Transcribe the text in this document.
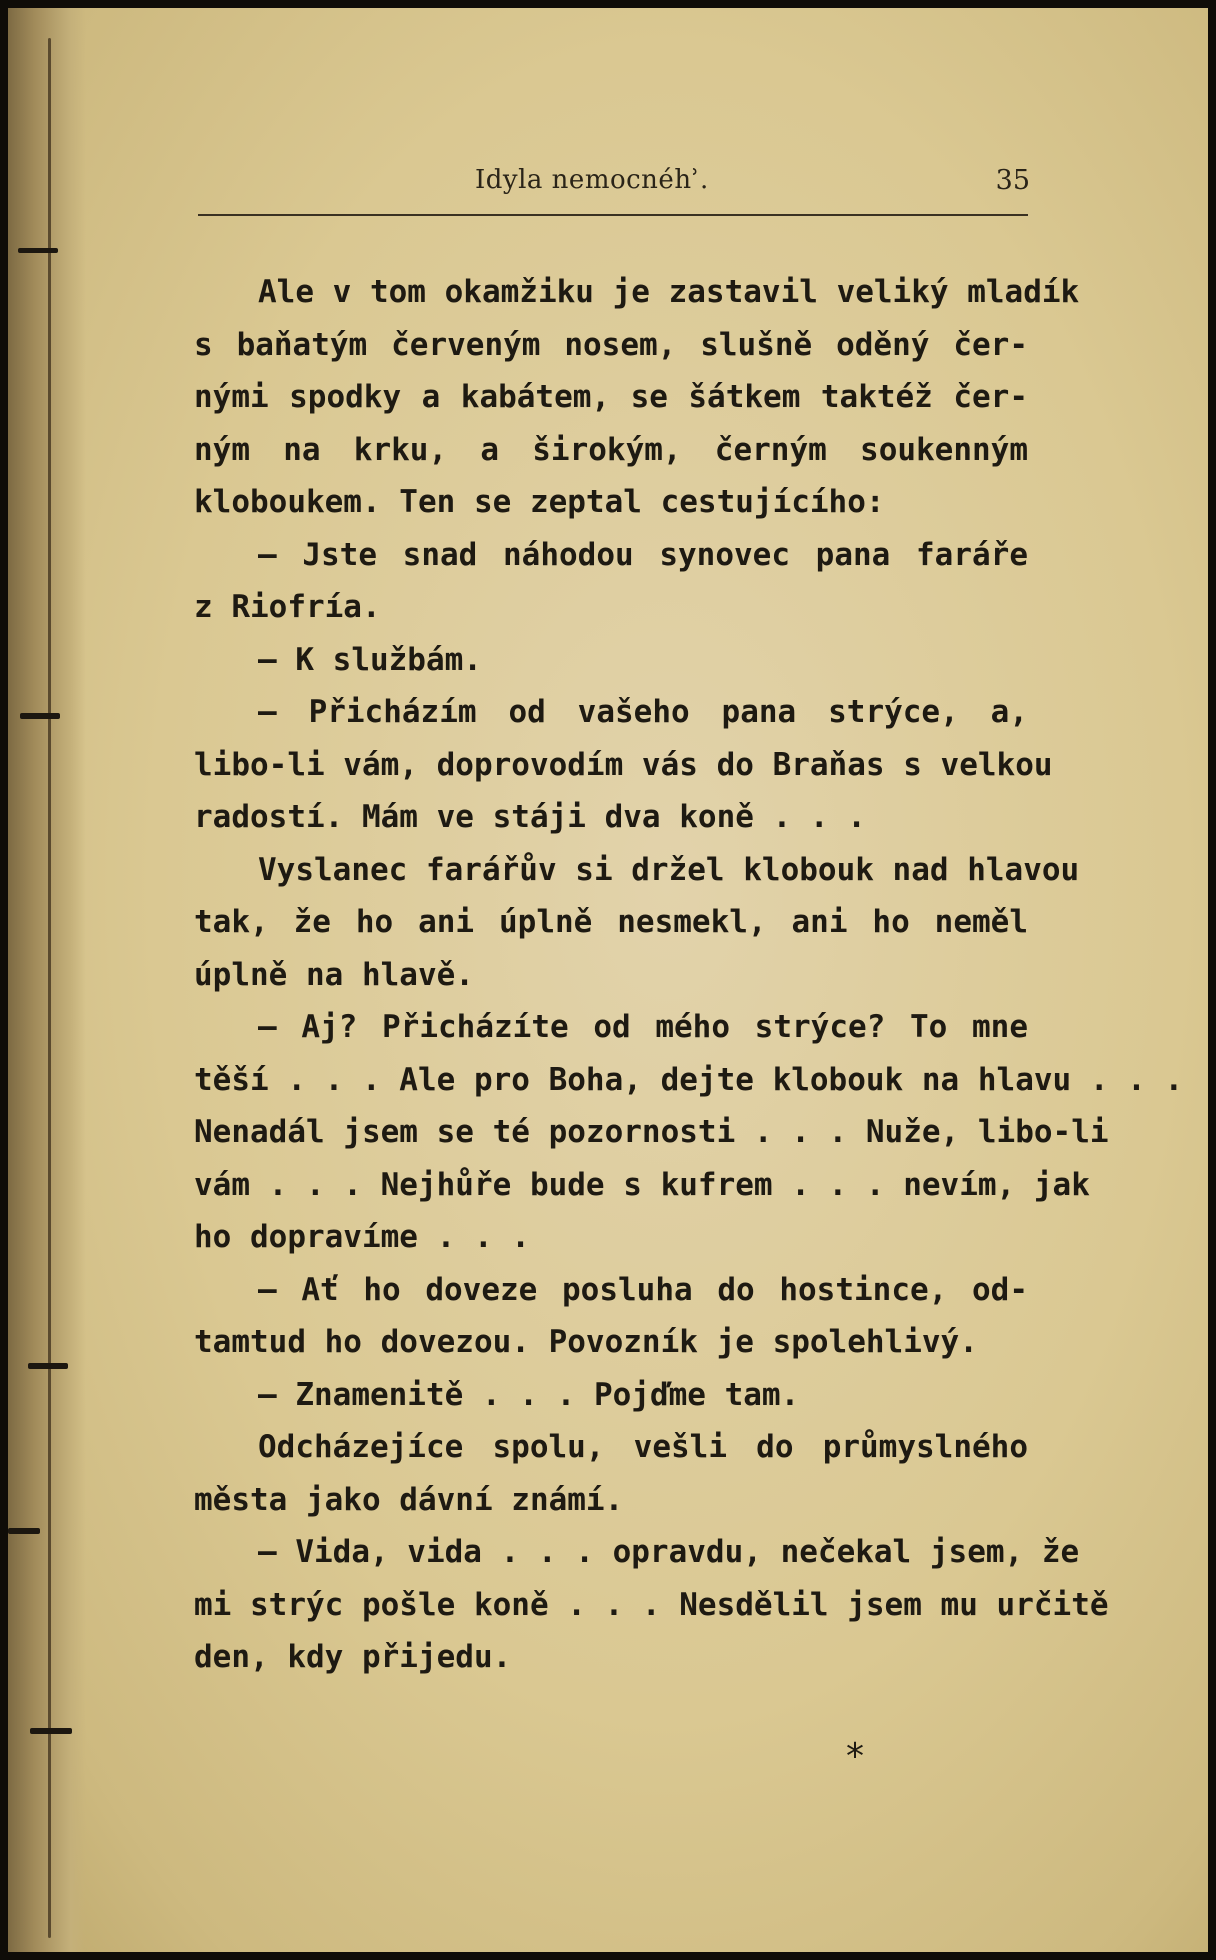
Idyla nemocnéhʾ.	35
Ale v tom okamžiku je zastavil veliký mladík
s baňatým červeným nosem, slušně oděný čer-
nými spodky a kabátem, se šátkem taktéž čer-
ným na krku, a širokým, černým soukenným
kloboukem. Ten se zeptal cestujícího:
— Jste snad náhodou synovec pana faráře
z Riofría.
— K službám.
— Přicházím od vašeho pana strýce, a,
libo-li vám, doprovodím vás do Braňas s velkou
radostí. Mám ve stáji dva koně . . .
Vyslanec farářův si držel klobouk nad hlavou
tak, že ho ani úplně nesmekl, ani ho neměl
úplně na hlavě.
— Aj? Přicházíte od mého strýce? To mne
těší . . . Ale pro Boha, dejte klobouk na hlavu . . .
Nenadál jsem se té pozornosti . . . Nuže, libo-li
vám . . . Nejhůře bude s kufrem . . . nevím, jak
ho dopravíme . . .
— Ať ho doveze posluha do hostince, od-
tamtud ho dovezou. Povozník je spolehlivý.
— Znamenitě . . . Pojďme tam.
Odcházejíce spolu, vešli do průmyslného
města jako dávní známí.
— Vida, vida . . . opravdu, nečekal jsem, že
mi strýc pošle koně . . . Nesdělil jsem mu určitě
den, kdy přijedu.
*
